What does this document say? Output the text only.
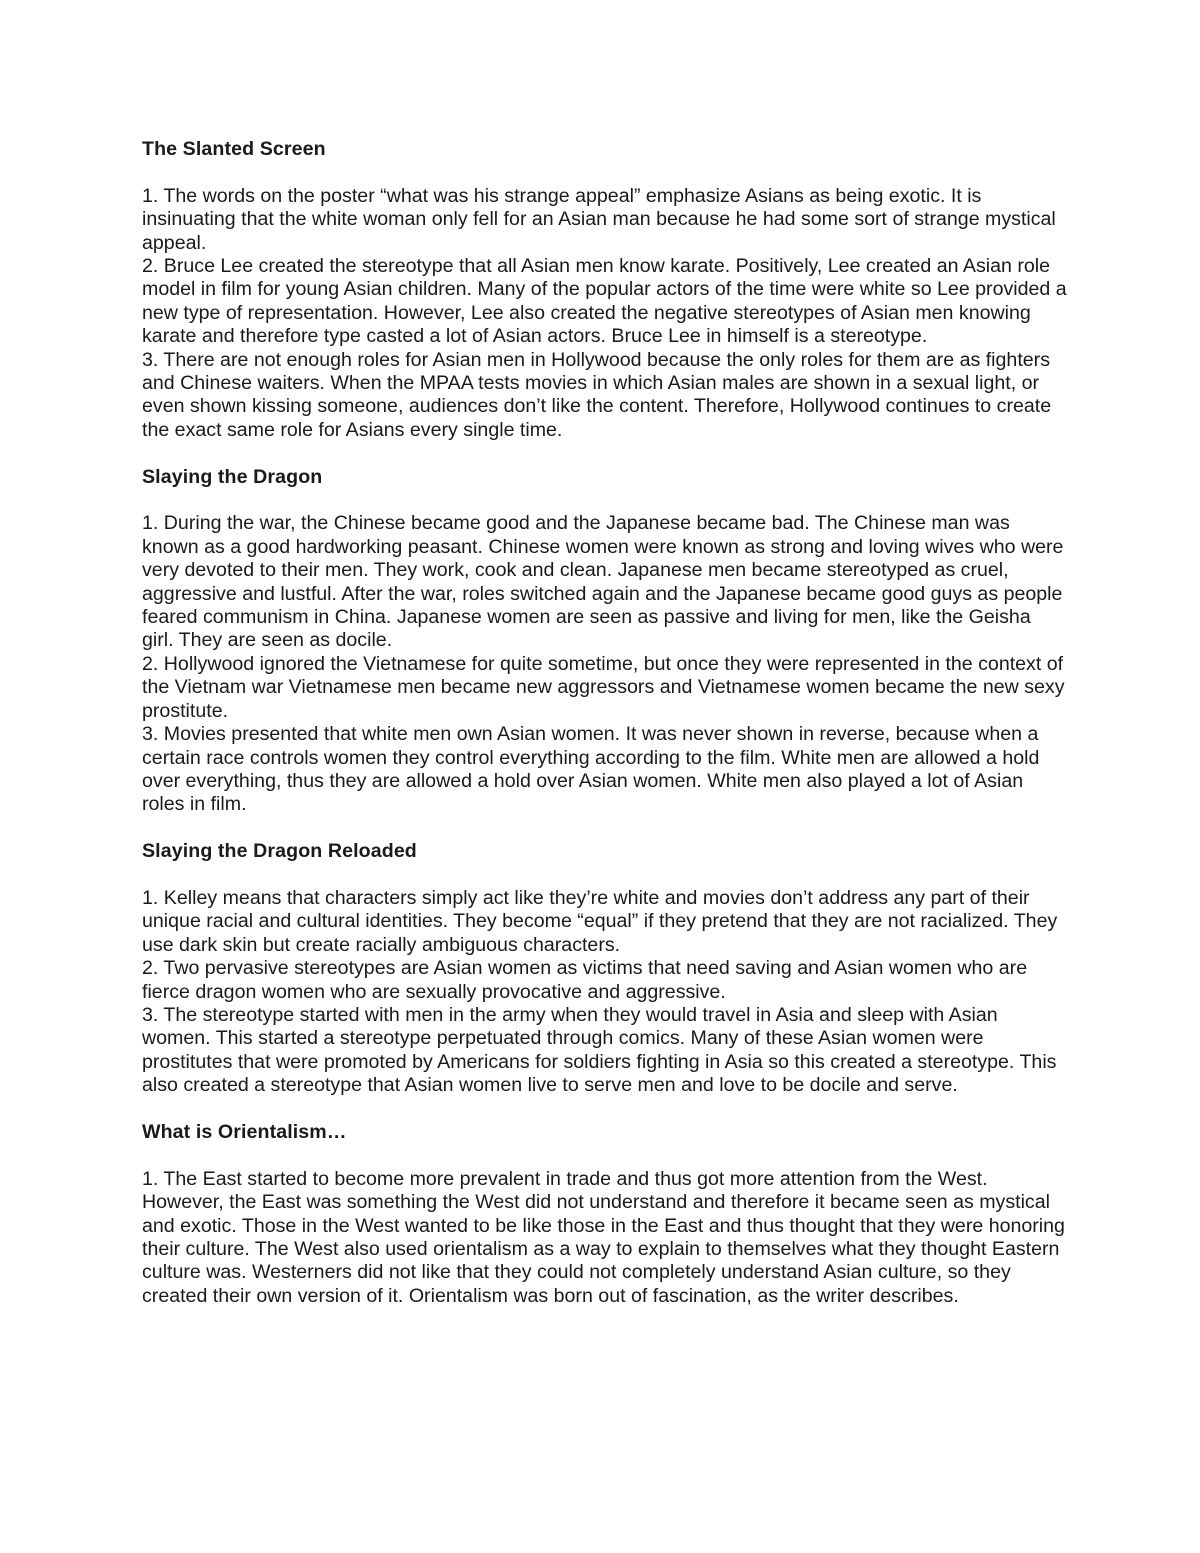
The Slanted Screen

1. The words on the poster “what was his strange appeal” emphasize Asians as being exotic. It is insinuating that the white woman only fell for an Asian man because he had some sort of strange mystical appeal.

2. Bruce Lee created the stereotype that all Asian men know karate. Positively, Lee created an Asian role model in film for young Asian children. Many of the popular actors of the time were white so Lee provided a new type of representation. However, Lee also created the negative stereotypes of Asian men knowing karate and therefore type casted a lot of Asian actors. Bruce Lee in himself is a stereotype.

3. There are not enough roles for Asian men in Hollywood because the only roles for them are as fighters and Chinese waiters. When the MPAA tests movies in which Asian males are shown in a sexual light, or even shown kissing someone, audiences don’t like the content. Therefore, Hollywood continues to create the exact same role for Asians every single time.

Slaying the Dragon

1. During the war, the Chinese became good and the Japanese became bad. The Chinese man was known as a good hardworking peasant. Chinese women were known as strong and loving wives who were very devoted to their men. They work, cook and clean. Japanese men became stereotyped as cruel, aggressive and lustful. After the war, roles switched again and the Japanese became good guys as people feared communism in China. Japanese women are seen as passive and living for men, like the Geisha girl. They are seen as docile.

2. Hollywood ignored the Vietnamese for quite sometime, but once they were represented in the context of the Vietnam war Vietnamese men became new aggressors and Vietnamese women became the new sexy prostitute.

3. Movies presented that white men own Asian women. It was never shown in reverse, because when a certain race controls women they control everything according to the film. White men are allowed a hold over everything, thus they are allowed a hold over Asian women. White men also played a lot of Asian roles in film.

Slaying the Dragon Reloaded

1. Kelley means that characters simply act like they’re white and movies don’t address any part of their unique racial and cultural identities. They become “equal” if they pretend that they are not racialized. They use dark skin but create racially ambiguous characters.

2. Two pervasive stereotypes are Asian women as victims that need saving and Asian women who are fierce dragon women who are sexually provocative and aggressive.

3. The stereotype started with men in the army when they would travel in Asia and sleep with Asian women. This started a stereotype perpetuated through comics. Many of these Asian women were prostitutes that were promoted by Americans for soldiers fighting in Asia so this created a stereotype. This also created a stereotype that Asian women live to serve men and love to be docile and serve.

What is Orientalism…

1. The East started to become more prevalent in trade and thus got more attention from the West. However, the East was something the West did not understand and therefore it became seen as mystical and exotic. Those in the West wanted to be like those in the East and thus thought that they were honoring their culture. The West also used orientalism as a way to explain to themselves what they thought Eastern culture was. Westerners did not like that they could not completely understand Asian culture, so they created their own version of it. Orientalism was born out of fascination, as the writer describes.
